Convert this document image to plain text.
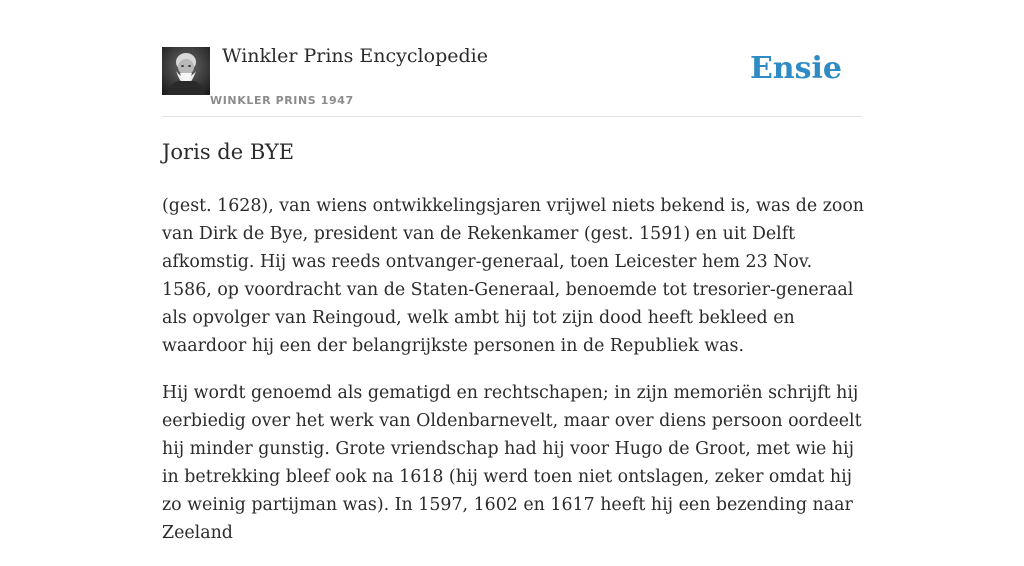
Winkler Prins Encyclopedie
WINKLER PRINS 1947
Ensie
Joris de BYE

(gest. 1628), van wiens ontwikkelingsjaren vrijwel niets bekend is, was de zoon van Dirk de Bye, president van de Rekenkamer (gest. 1591) en uit Delft afkomstig. Hij was reeds ontvanger-generaal, toen Leicester hem 23 Nov. 1586, op voordracht van de Staten-Generaal, benoemde tot tresorier-generaal als opvolger van Reingoud, welk ambt hij tot zijn dood heeft bekleed en waardoor hij een der belangrijkste personen in de Republiek was.

Hij wordt genoemd als gematigd en rechtschapen; in zijn memoriën schrijft hij eerbiedig over het werk van Oldenbarnevelt, maar over diens persoon oordeelt hij minder gunstig. Grote vriendschap had hij voor Hugo de Groot, met wie hij in betrekking bleef ook na 1618 (hij werd toen niet ontslagen, zeker omdat hij zo weinig partijman was). In 1597, 1602 en 1617 heeft hij een bezending naar Zeeland
